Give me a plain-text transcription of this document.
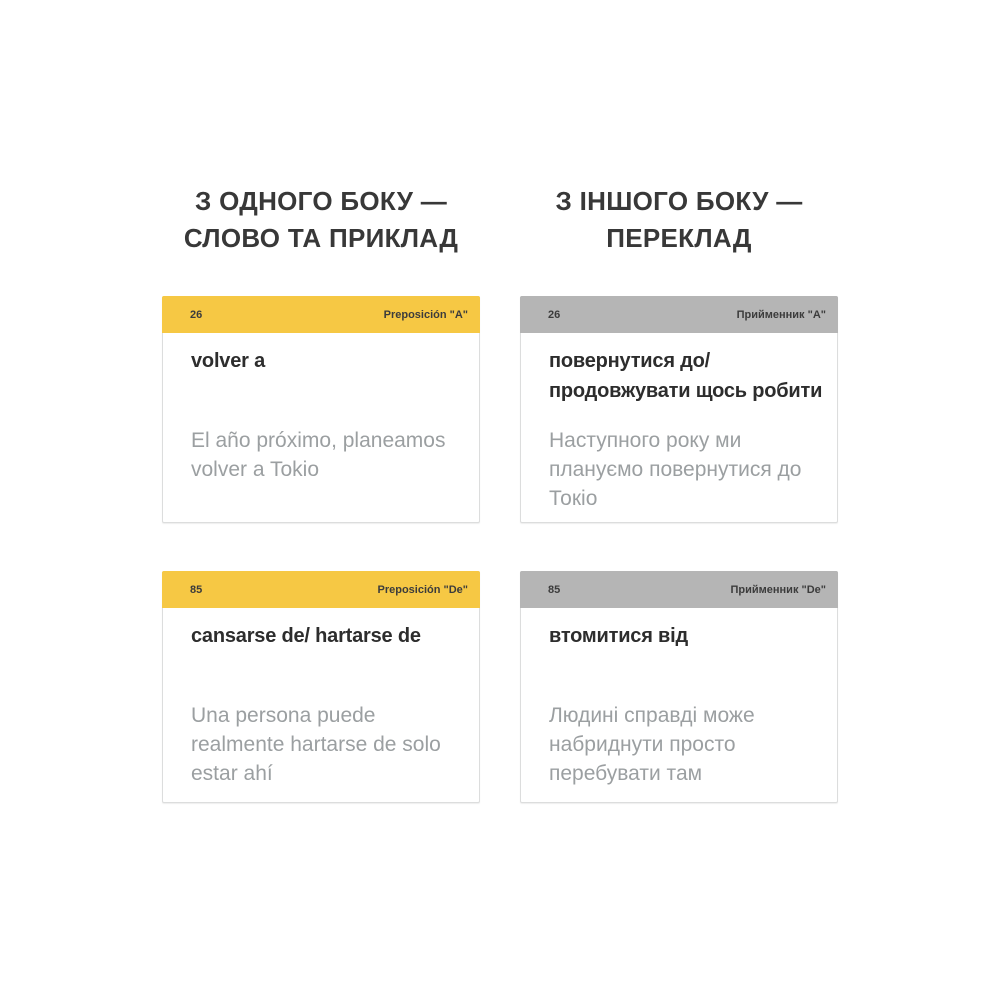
З ОДНОГО БОКУ —
СЛОВО ТА ПРИКЛАД
З ІНШОГО БОКУ —
ПЕРЕКЛАД
26	Preposición "A"
volver a
El año próximo, planeamos volver a Tokio
26	Прийменник "А"
повернутися до/ продовжувати щось робити
Наступного року ми плануємо повернутися до Токіо
85	Preposición "De"
cansarse de/ hartarse de
Una persona puede realmente hartarse de solo estar ahí
85	Прийменник "De"
втомитися від
Людині справді може набриднути просто перебувати там
